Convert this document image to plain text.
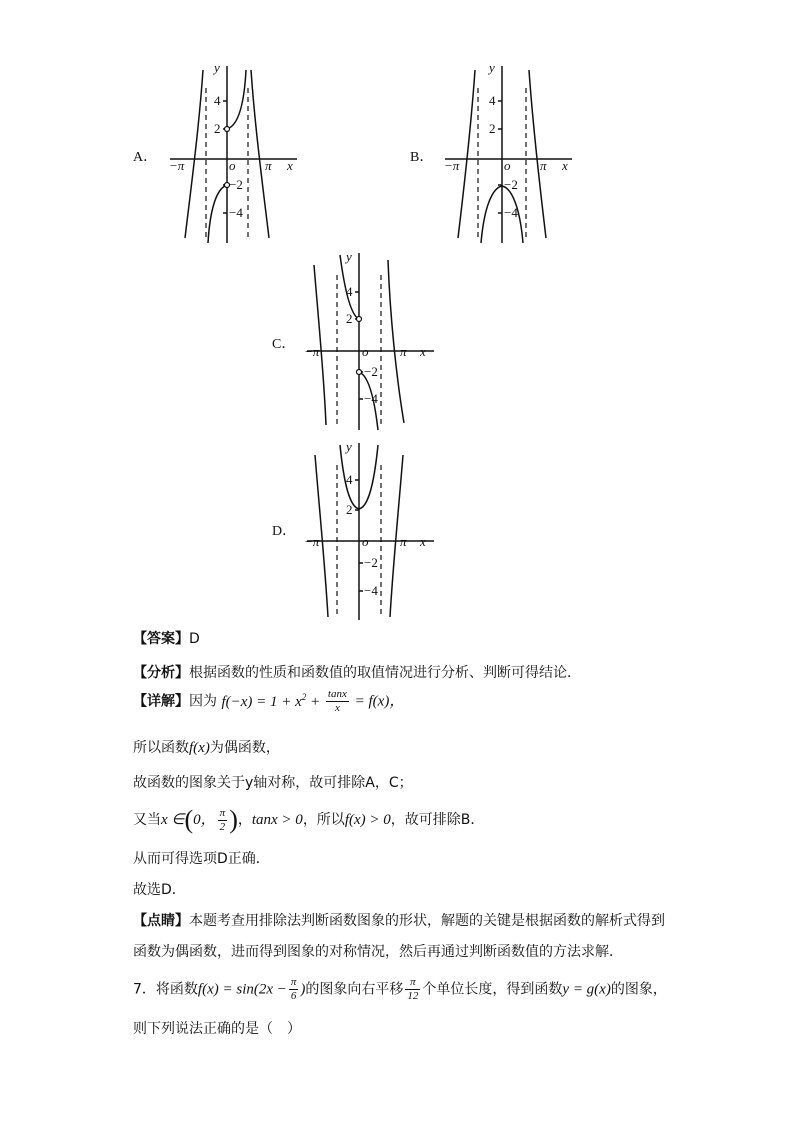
A．	B．
C．
D．
y
x
o
−π	π
4
2
−2
−4
y
x
o
−π	π
4
2
−2
−4
y
x
o
−π	π
4
2
−2
−4
y
x
o
−π	π
4
2
−2
−4
【答案】D
【分析】根据函数的性质和函数值的取值情况进行分析、判断可得结论．
【详解】因为 $f(-x) = 1 + x^2 + \frac{\tan x}{x} = f(x)$，
所以函数f(x)为偶函数，
故函数的图象关于y轴对称，故可排除A，C；
又当x ∈(0， $\frac{\pi}{2}$ )，tanx > 0，所以f(x) > 0，故可排除B．
从而可得选项D正确．
故选D．
【点睛】本题考查用排除法判断函数图象的形状，解题的关键是根据函数的解析式得到
函数为偶函数，进而得到图象的对称情况，然后再通过判断函数值的方法求解．
7．将函数$f(x) = \sin(2x - \frac{\pi}{6}$ )的图象向右平移 $\frac{\pi}{12}$ 个单位长度，得到函数y = g(x)的图象，
则下列说法正确的是（　）
